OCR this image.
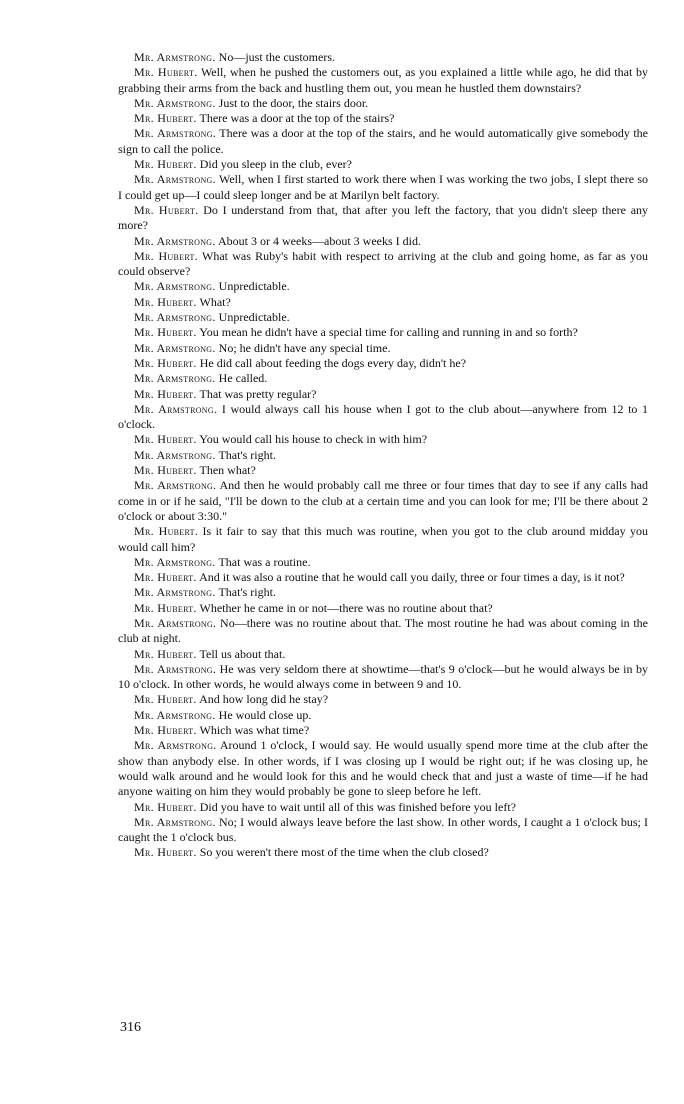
Mr. Armstrong. No—just the customers.

Mr. Hubert. Well, when he pushed the customers out, as you explained a little while ago, he did that by grabbing their arms from the back and hustling them out, you mean he hustled them downstairs?

Mr. Armstrong. Just to the door, the stairs door.

Mr. Hubert. There was a door at the top of the stairs?

Mr. Armstrong. There was a door at the top of the stairs, and he would automatically give somebody the sign to call the police.

Mr. Hubert. Did you sleep in the club, ever?

Mr. Armstrong. Well, when I first started to work there when I was working the two jobs, I slept there so I could get up—I could sleep longer and be at Marilyn belt factory.

Mr. Hubert. Do I understand from that, that after you left the factory, that you didn't sleep there any more?

Mr. Armstrong. About 3 or 4 weeks—about 3 weeks I did.

Mr. Hubert. What was Ruby's habit with respect to arriving at the club and going home, as far as you could observe?

Mr. Armstrong. Unpredictable.

Mr. Hubert. What?

Mr. Armstrong. Unpredictable.

Mr. Hubert. You mean he didn't have a special time for calling and running in and so forth?

Mr. Armstrong. No; he didn't have any special time.

Mr. Hubert. He did call about feeding the dogs every day, didn't he?

Mr. Armstrong. He called.

Mr. Hubert. That was pretty regular?

Mr. Armstrong. I would always call his house when I got to the club about—anywhere from 12 to 1 o'clock.

Mr. Hubert. You would call his house to check in with him?

Mr. Armstrong. That's right.

Mr. Hubert. Then what?

Mr. Armstrong. And then he would probably call me three or four times that day to see if any calls had come in or if he said, "I'll be down to the club at a certain time and you can look for me; I'll be there about 2 o'clock or about 3:30."

Mr. Hubert. Is it fair to say that this much was routine, when you got to the club around midday you would call him?

Mr. Armstrong. That was a routine.

Mr. Hubert. And it was also a routine that he would call you daily, three or four times a day, is it not?

Mr. Armstrong. That's right.

Mr. Hubert. Whether he came in or not—there was no routine about that?

Mr. Armstrong. No—there was no routine about that. The most routine he had was about coming in the club at night.

Mr. Hubert. Tell us about that.

Mr. Armstrong. He was very seldom there at showtime—that's 9 o'clock—but he would always be in by 10 o'clock. In other words, he would always come in between 9 and 10.

Mr. Hubert. And how long did he stay?

Mr. Armstrong. He would close up.

Mr. Hubert. Which was what time?

Mr. Armstrong. Around 1 o'clock, I would say. He would usually spend more time at the club after the show than anybody else. In other words, if I was closing up I would be right out; if he was closing up, he would walk around and he would look for this and he would check that and just a waste of time—if he had anyone waiting on him they would probably be gone to sleep before he left.

Mr. Hubert. Did you have to wait until all of this was finished before you left?

Mr. Armstrong. No; I would always leave before the last show. In other words, I caught a 1 o'clock bus; I caught the 1 o'clock bus.

Mr. Hubert. So you weren't there most of the time when the club closed?

316
